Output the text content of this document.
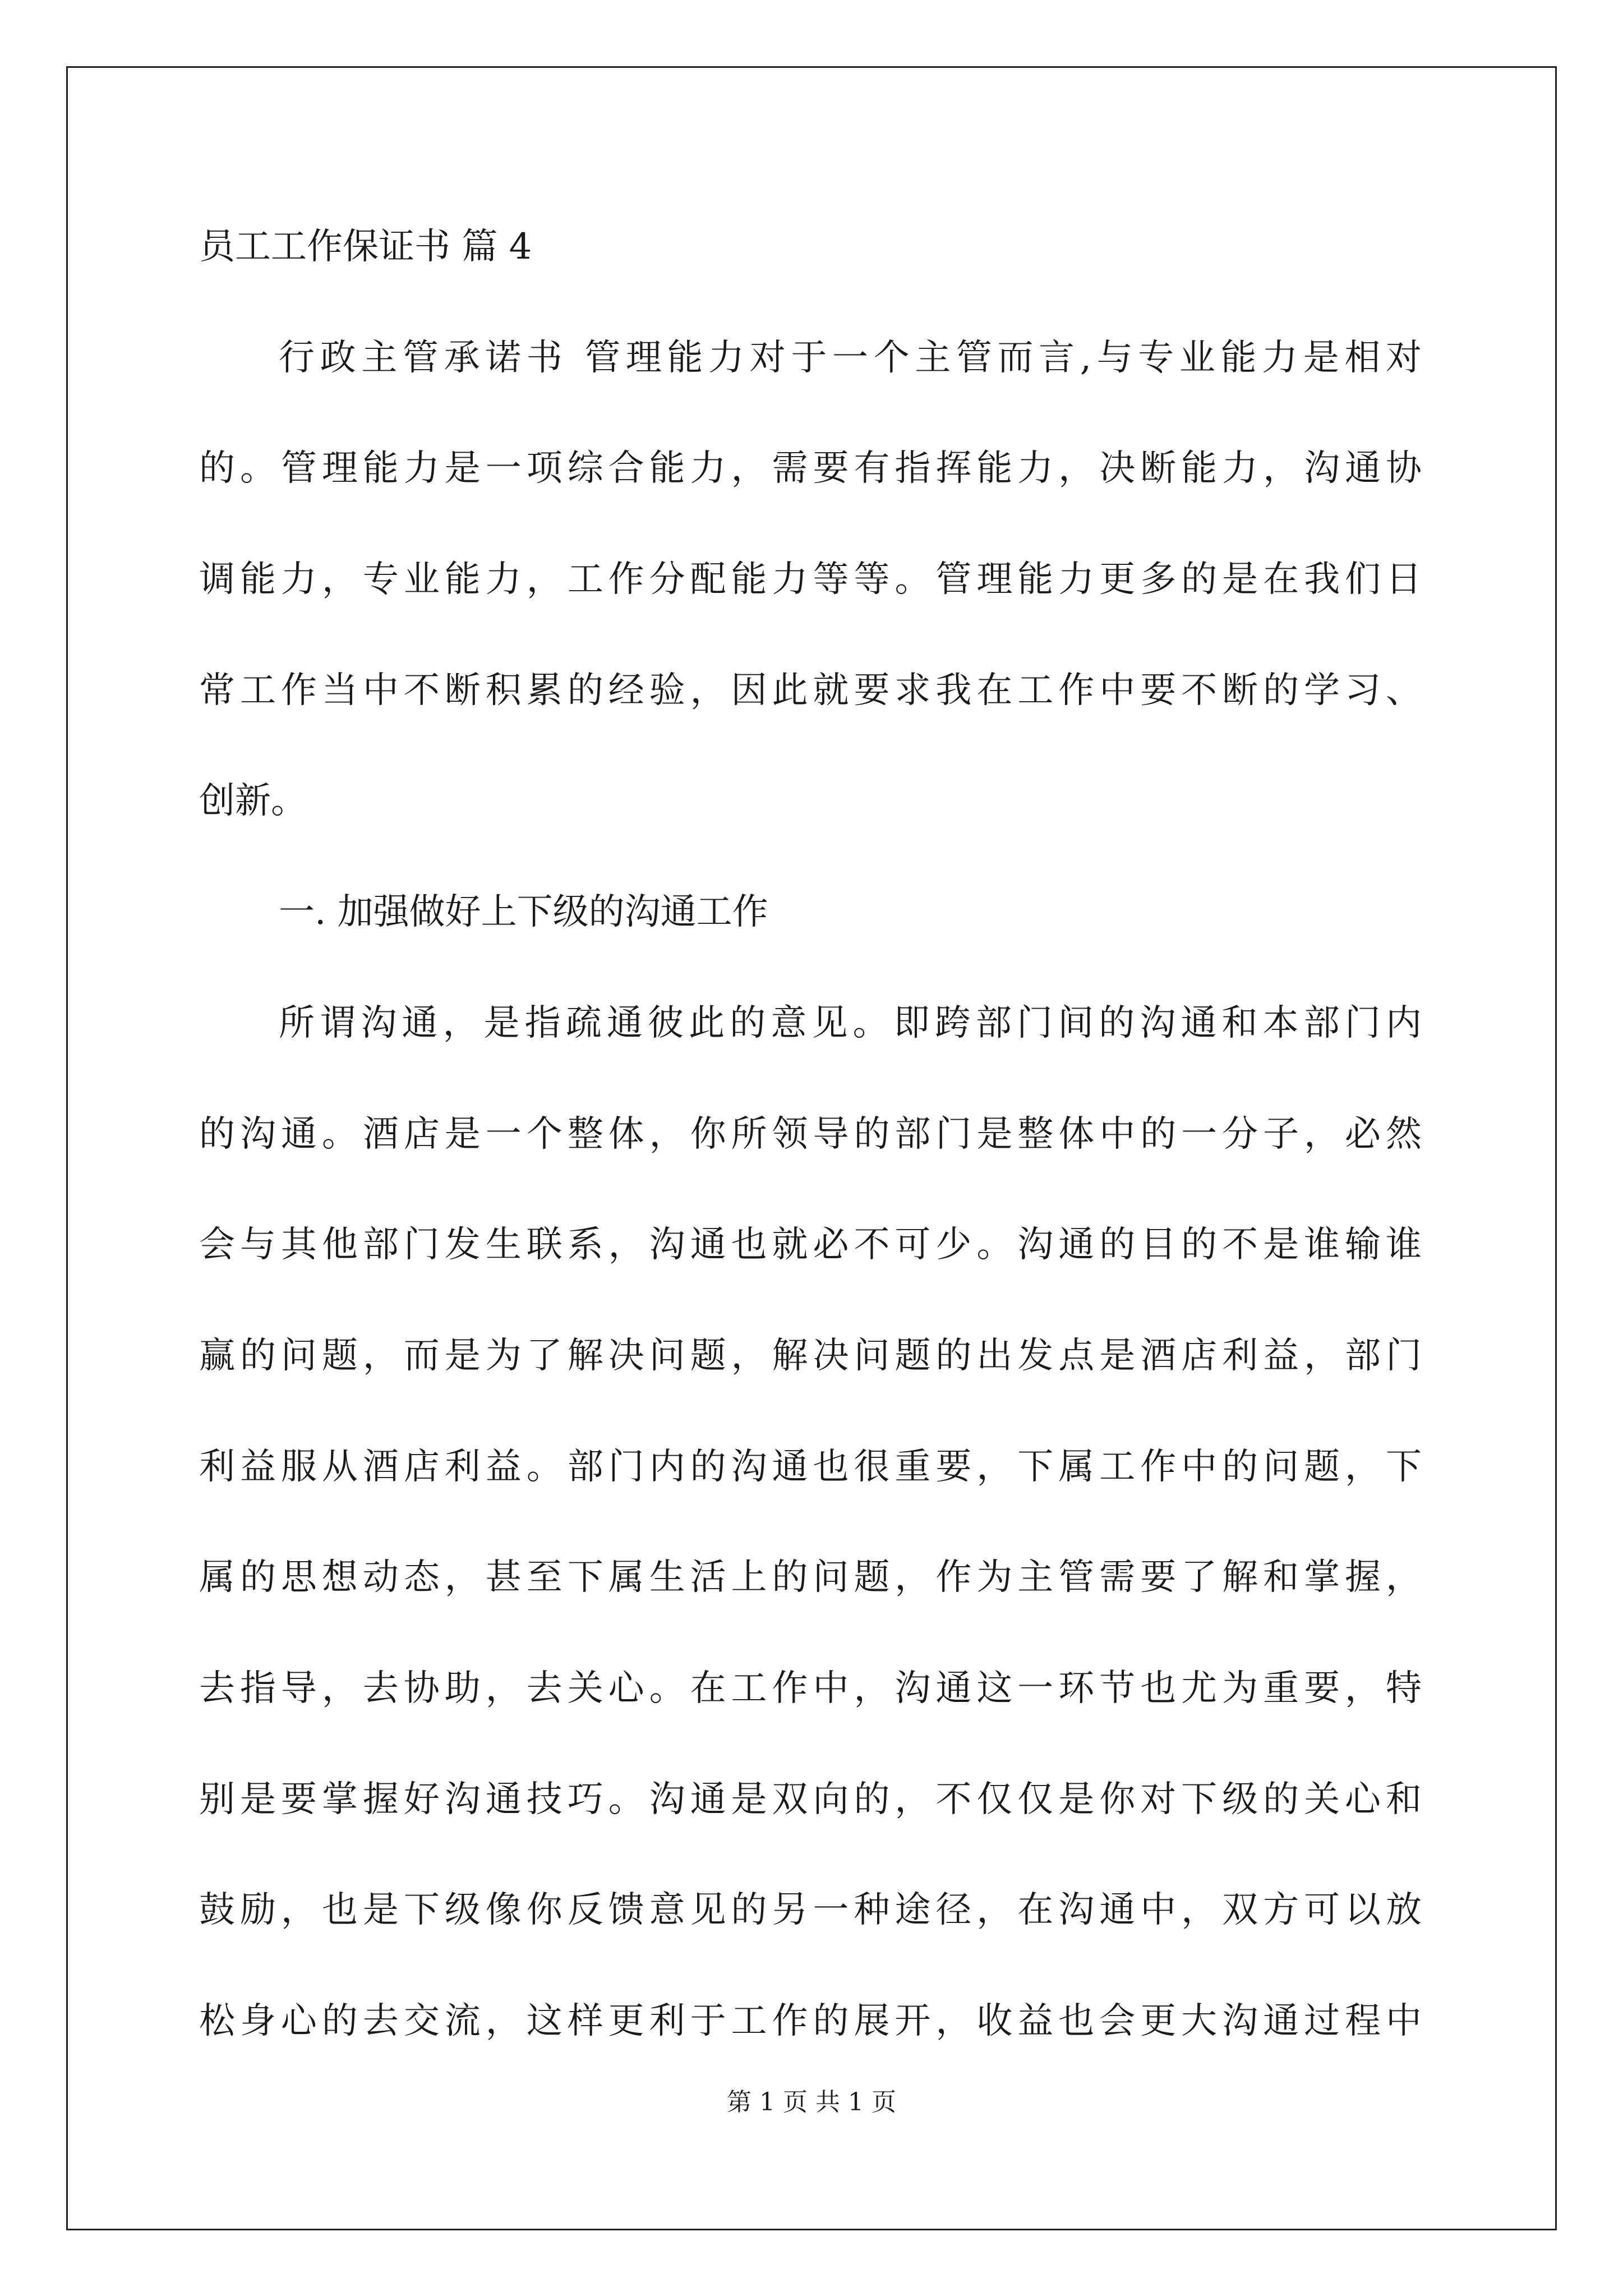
员工工作保证书 篇 4
行政主管承诺书 管理能力对于一个主管而言,与专业能力是相对
的。管理能力是一项综合能力，需要有指挥能力，决断能力，沟通协
调能力，专业能力，工作分配能力等等。管理能力更多的是在我们日
常工作当中不断积累的经验，因此就要求我在工作中要不断的学习、
创新。
一. 加强做好上下级的沟通工作
所谓沟通，是指疏通彼此的意见。即跨部门间的沟通和本部门内
的沟通。酒店是一个整体，你所领导的部门是整体中的一分子，必然
会与其他部门发生联系，沟通也就必不可少。沟通的目的不是谁输谁
赢的问题，而是为了解决问题，解决问题的出发点是酒店利益，部门
利益服从酒店利益。部门内的沟通也很重要，下属工作中的问题，下
属的思想动态，甚至下属生活上的问题，作为主管需要了解和掌握，
去指导，去协助，去关心。在工作中，沟通这一环节也尤为重要，特
别是要掌握好沟通技巧。沟通是双向的，不仅仅是你对下级的关心和
鼓励，也是下级像你反馈意见的另一种途径，在沟通中，双方可以放
松身心的去交流，这样更利于工作的展开，收益也会更大沟通过程中
第 1 页 共 1 页
